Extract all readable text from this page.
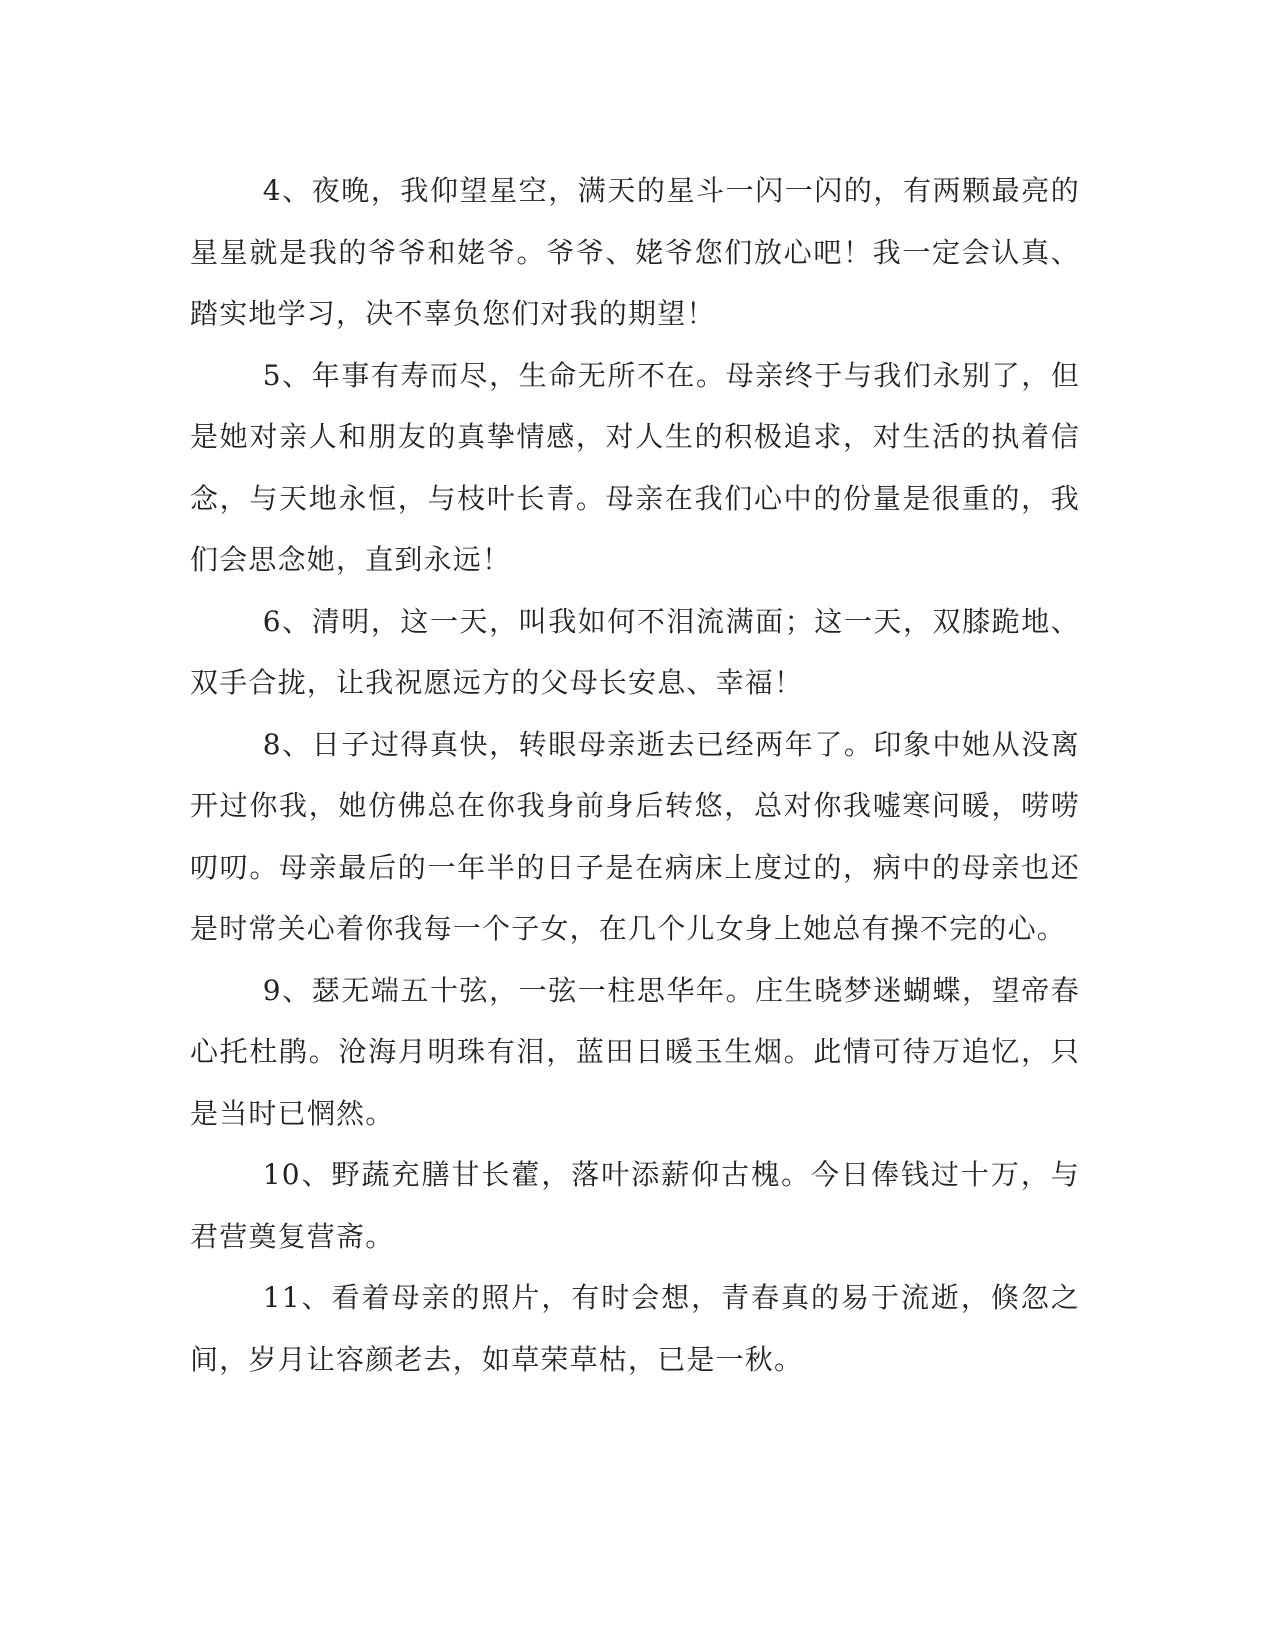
4、夜晚，我仰望星空，满天的星斗一闪一闪的，有两颗最亮的星星就是我的爷爷和姥爷。爷爷、姥爷您们放心吧！我一定会认真、踏实地学习，决不辜负您们对我的期望！

5、年事有寿而尽，生命无所不在。母亲终于与我们永别了，但是她对亲人和朋友的真挚情感，对人生的积极追求，对生活的执着信念，与天地永恒，与枝叶长青。母亲在我们心中的份量是很重的，我们会思念她，直到永远！

6、清明，这一天，叫我如何不泪流满面；这一天，双膝跪地、双手合拢，让我祝愿远方的父母长安息、幸福！

8、日子过得真快，转眼母亲逝去已经两年了。印象中她从没离开过你我，她仿佛总在你我身前身后转悠，总对你我嘘寒问暖，唠唠叨叨。母亲最后的一年半的日子是在病床上度过的，病中的母亲也还是时常关心着你我每一个子女，在几个儿女身上她总有操不完的心。

9、瑟无端五十弦，一弦一柱思华年。庄生晓梦迷蝴蝶，望帝春心托杜鹃。沧海月明珠有泪，蓝田日暖玉生烟。此情可待万追忆，只是当时已惘然。

10、野蔬充膳甘长藿，落叶添薪仰古槐。今日俸钱过十万，与君营奠复营斋。

11、看着母亲的照片，有时会想，青春真的易于流逝，倏忽之间，岁月让容颜老去，如草荣草枯，已是一秋。
